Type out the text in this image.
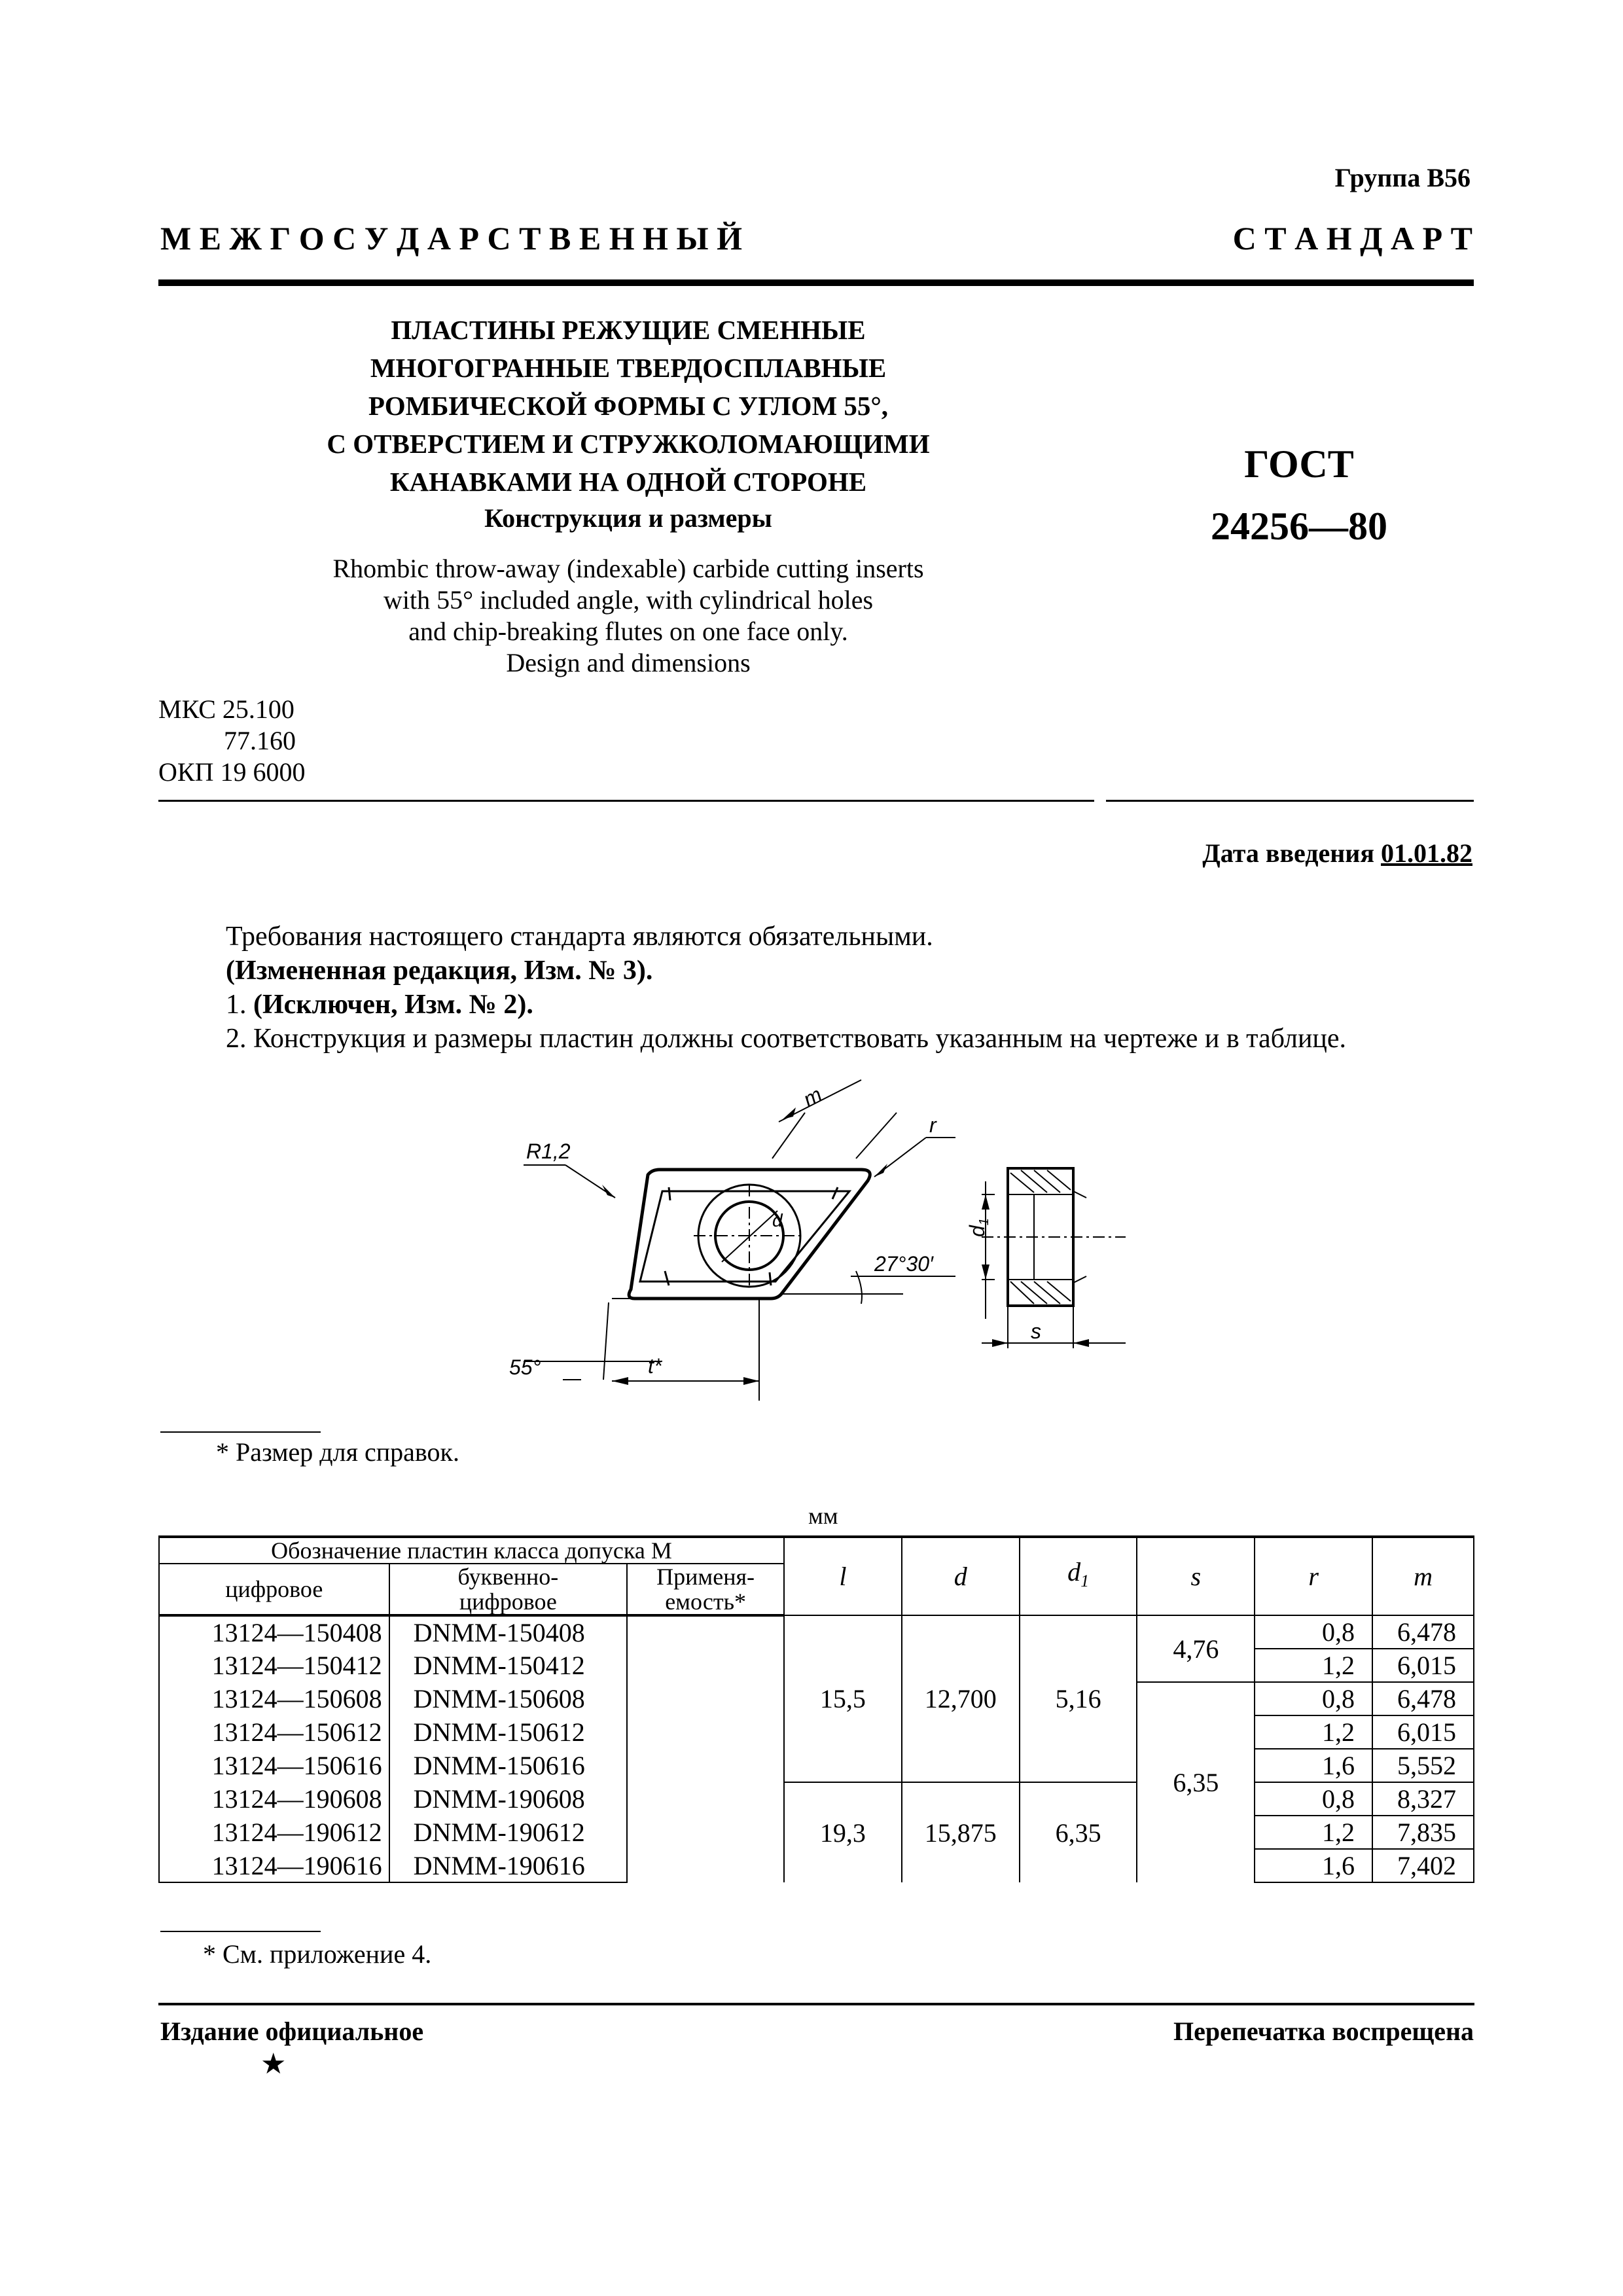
Группа В56
М Е Ж Г О С У Д А Р С Т В Е Н Н Ы Й	С Т А Н Д А Р Т
ПЛАСТИНЫ РЕЖУЩИЕ СМЕННЫЕ
МНОГОГРАННЫЕ ТВЕРДОСПЛАВНЫЕ
РОМБИЧЕСКОЙ ФОРМЫ С УГЛОМ 55°,
С ОТВЕРСТИЕМ И СТРУЖКОЛОМАЮЩИМИ
КАНАВКАМИ НА ОДНОЙ СТОРОНЕ
Конструкция и размеры
Rhombic throw-away (indexable) carbide cutting inserts
with 55° included angle, with cylindrical holes
and chip-breaking flutes on one face only.
Design and dimensions
ГОСТ
24256—80
МКС 25.100
77.160
ОКП 19 6000
Дата введения 01.01.82
Требования настоящего стандарта являются обязательными.
(Измененная редакция, Изм. № 3).
1. (Исключен, Изм. № 2).
2. Конструкция и размеры пластин должны соответствовать указанным на чертеже и в таблице.
R1,2
m
r
d
27°30′
55°	t*
d1
s
* Размер для справок.
мм
Обозначение пластин класса допуска М			l	d	$d_1$	s	r	m
цифровое	буквенно-
цифровое	Применя-
емость*						
13124—150408	DNMM-150408		15,5	12,700	5,16	4,76	0,8	6,478
13124—150412	DNMM-150412						1,2	6,015
13124—150608	DNMM-150608					6,35	0,8	6,478
13124—150612	DNMM-150612						1,2	6,015
13124—150616	DNMM-150616						1,6	5,552
13124—190608	DNMM-190608		19,3	15,875	6,35		0,8	8,327
13124—190612	DNMM-190612						1,2	7,835
13124—190616	DNMM-190616						1,6	7,402
* См. приложение 4.
Издание официальное	Перепечатка воспрещена
★
